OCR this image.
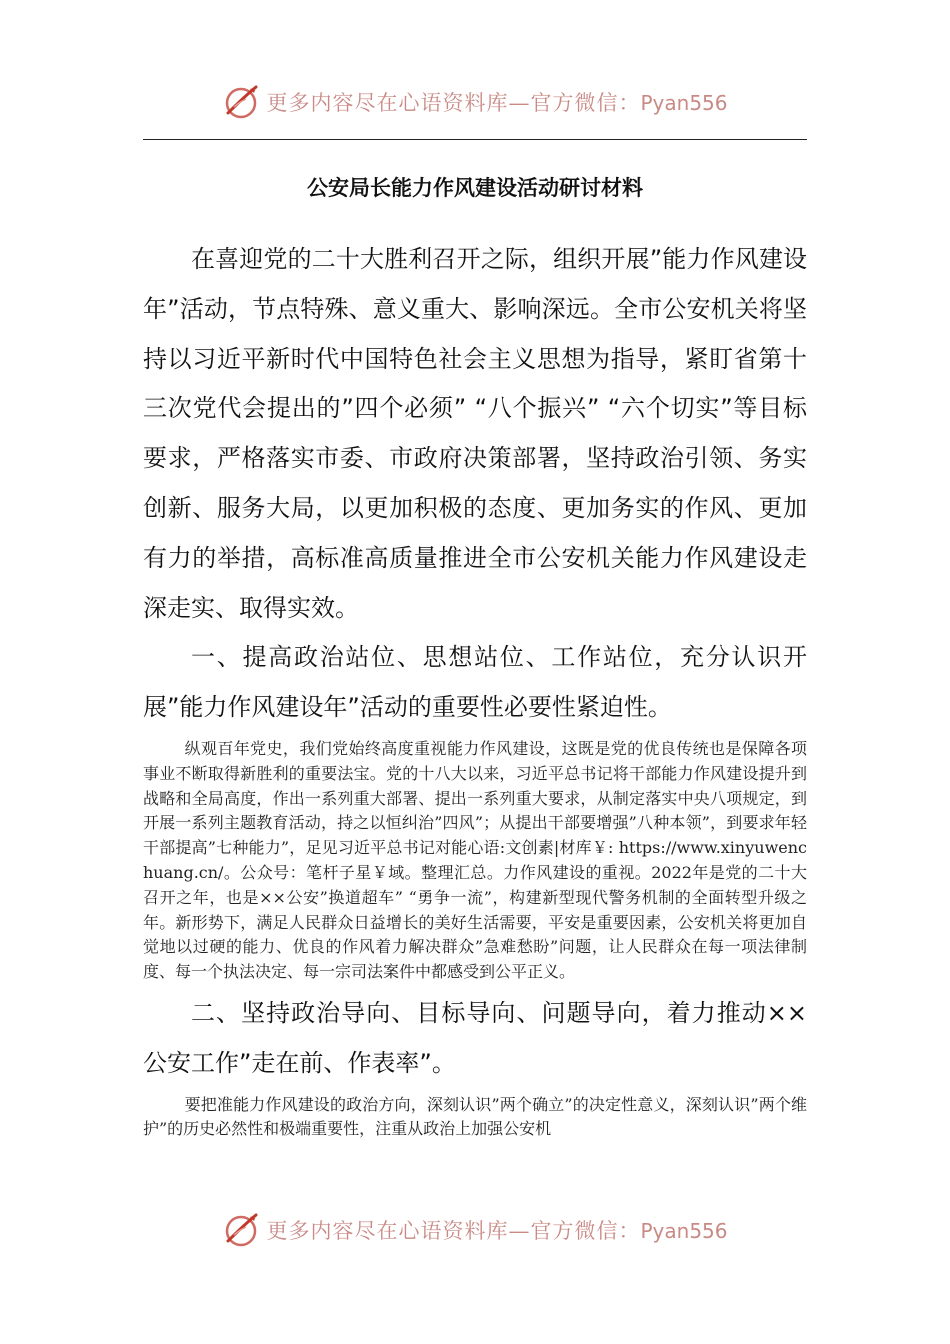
更多内容尽在心语资料库—官方微信：Pyan556
公安局长能力作风建设活动研讨材料

在喜迎党的二十大胜利召开之际，组织开展”能力作风建设年”活动，节点特殊、意义重大、影响深远。全市公安机关将坚持以习近平新时代中国特色社会主义思想为指导，紧盯省第十三次党代会提出的”四个必须” “八个振兴” “六个切实”等目标要求，严格落实市委、市政府决策部署，坚持政治引领、务实创新、服务大局，以更加积极的态度、更加务实的作风、更加有力的举措，高标准高质量推进全市公安机关能力作风建设走深走实、取得实效。

一、提高政治站位、思想站位、工作站位，充分认识开展”能力作风建设年”活动的重要性必要性紧迫性。

纵观百年党史，我们党始终高度重视能力作风建设，这既是党的优良传统也是保障各项事业不断取得新胜利的重要法宝。党的十八大以来，习近平总书记将干部能力作风建设提升到战略和全局高度，作出一系列重大部署、提出一系列重大要求，从制定落实中央八项规定，到开展一系列主题教育活动，持之以恒纠治”四风”；从提出干部要增强”八种本领”，到要求年轻干部提高”七种能力”，足见习近平总书记对能心语:文创素|材库￥: https://www.xinyuwenchuang.cn/。公众号：笔杆子星￥域。整理汇总。力作风建设的重视。2022年是党的二十大召开之年，也是××公安”换道超车” “勇争一流”，构建新型现代警务机制的全面转型升级之年。新形势下，满足人民群众日益增长的美好生活需要，平安是重要因素，公安机关将更加自觉地以过硬的能力、优良的作风着力解决群众”急难愁盼”问题，让人民群众在每一项法律制度、每一个执法决定、每一宗司法案件中都感受到公平正义。

二、坚持政治导向、目标导向、问题导向，着力推动××公安工作”走在前、作表率”。

要把准能力作风建设的政治方向，深刻认识”两个确立”的决定性意义，深刻认识”两个维护”的历史必然性和极端重要性，注重从政治上加强公安机

更多内容尽在心语资料库—官方微信：Pyan556
